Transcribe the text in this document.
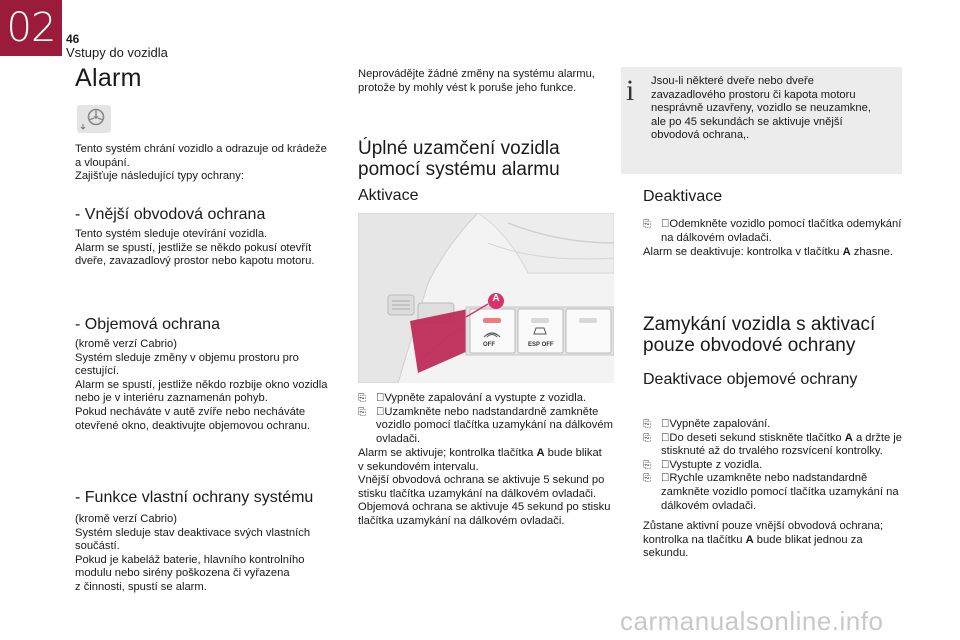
02 46
Vstupy do vozidla
Alarm
Tento systém chrání vozidlo a odrazuje od krádeže
a vloupání.
Zajišťuje následující typy ochrany:
- Vnější obvodová ochrana
Tento systém sleduje otevírání vozidla.
Alarm se spustí, jestliže se někdo pokusí otevřít
dveře, zavazadlový prostor nebo kapotu motoru.
- Objemová ochrana
(kromě verzí Cabrio)
Systém sleduje změny v objemu prostoru pro
cestující.
Alarm se spustí, jestliže někdo rozbije okno vozidla
nebo je v interiéru zaznamenán pohyb.
Pokud necháváte v autě zvíře nebo necháváte
otevřené okno, deaktivujte objemovou ochranu.
- Funkce vlastní ochrany systému
(kromě verzí Cabrio)
Systém sleduje stav deaktivace svých vlastních
součástí.
Pokud je kabeláž baterie, hlavního kontrolního
modulu nebo sirény poškozena či vyřazena
z činnosti, spustí se alarm.
Neprovádějte žádné změny na systému alarmu,
protože by mohly vést k poruše jeho funkce.
Úplné uzamčení vozidla
pomocí systému alarmu
Aktivace
A
OFF	ESP OFF
⎘ Vypněte zapalování a vystupte z vozidla.
⎘ Uzamkněte nebo nadstandardně zamkněte
vozidlo pomocí tlačítka uzamykání na dálkovém
ovladači.
Alarm se aktivuje; kontrolka tlačítka A bude blikat
v sekundovém intervalu.
Vnější obvodová ochrana se aktivuje 5 sekund po
stisku tlačítka uzamykání na dálkovém ovladači.
Objemová ochrana se aktivuje 45 sekund po stisku
tlačítka uzamykání na dálkovém ovladači.
i Jsou-li některé dveře nebo dveře
zavazadlového prostoru či kapota motoru
nesprávně uzavřeny, vozidlo se neuzamkne,
ale po 45 sekundách se aktivuje vnější
obvodová ochrana,.
Deaktivace
⎘ Odemkněte vozidlo pomocí tlačítka odemykání
na dálkovém ovladači.
Alarm se deaktivuje: kontrolka v tlačítku A zhasne.
Zamykání vozidla s aktivací
pouze obvodové ochrany
Deaktivace objemové ochrany
⎘ Vypněte zapalování.
⎘ Do deseti sekund stiskněte tlačítko A a držte je
stisknuté až do trvalého rozsvícení kontrolky.
⎘ Vystupte z vozidla.
⎘ Rychle uzamkněte nebo nadstandardně
zamkněte vozidlo pomocí tlačítka uzamykání na
dálkovém ovladači.
Zůstane aktivní pouze vnější obvodová ochrana;
kontrolka na tlačítku A bude blikat jednou za
sekundu.
carmanualsonline.info
